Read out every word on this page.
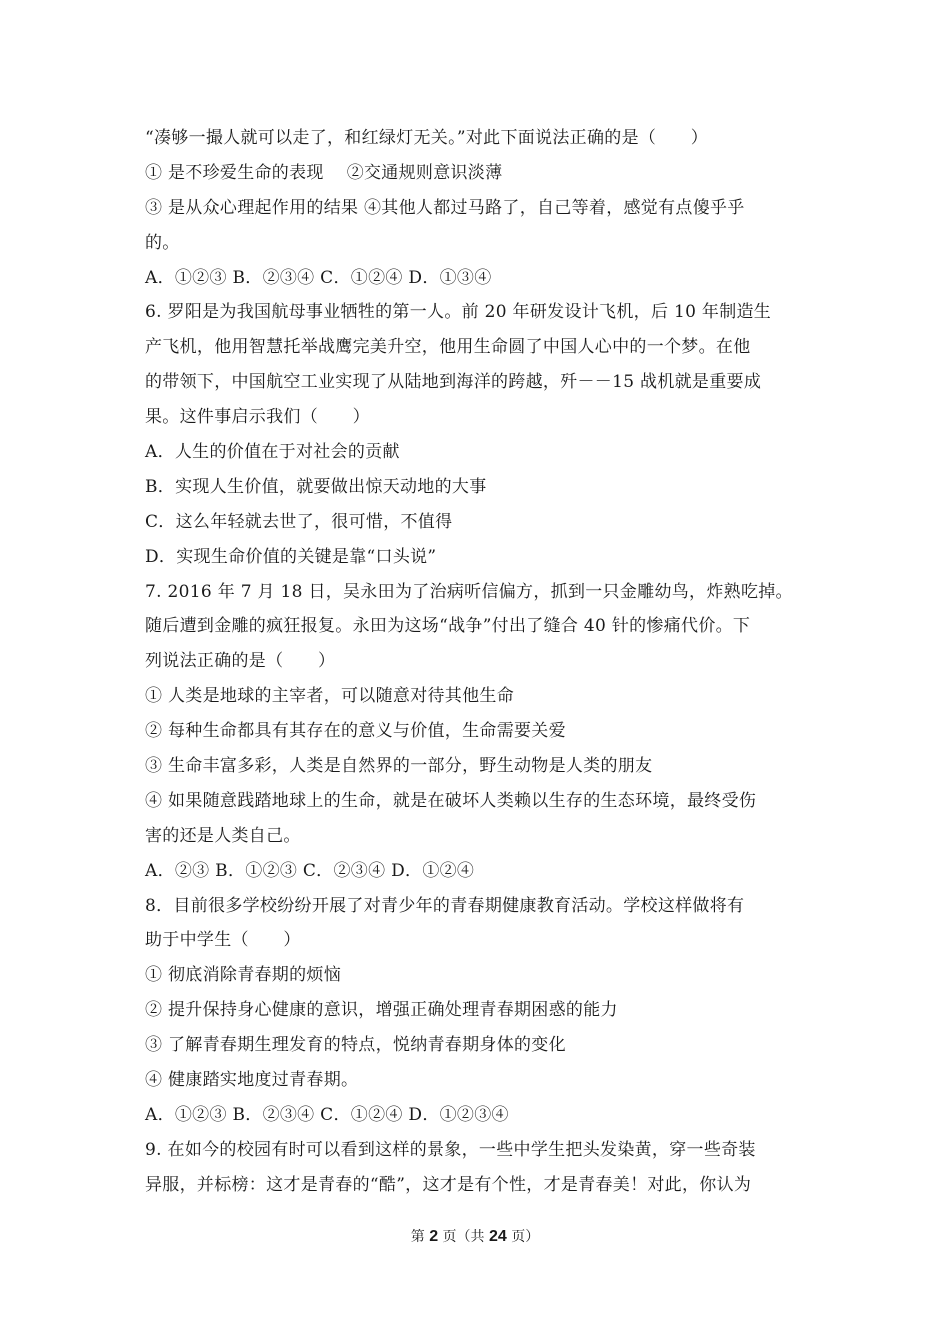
“凑够一撮人就可以走了，和红绿灯无关。”对此下面说法正确的是（　　）
① 是不珍爱生命的表现　 ②交通规则意识淡薄
③ 是从众心理起作用的结果 ④其他人都过马路了，自己等着，感觉有点傻乎乎
的。
A．①②③ B．②③④ C．①②④ D．①③④
6. 罗阳是为我国航母事业牺牲的第一人。前 20 年研发设计飞机，后 10 年制造生
产飞机，他用智慧托举战鹰完美升空，他用生命圆了中国人心中的一个梦。在他
的带领下，中国航空工业实现了从陆地到海洋的跨越，歼－－15 战机就是重要成
果。这件事启示我们（　　）
A．人生的价值在于对社会的贡献
B．实现人生价值，就要做出惊天动地的大事
C．这么年轻就去世了，很可惜，不值得
D．实现生命价值的关键是靠“口头说”
7. 2016 年 7 月 18 日，吴永田为了治病听信偏方，抓到一只金雕幼鸟，炸熟吃掉。
随后遭到金雕的疯狂报复。永田为这场“战争”付出了缝合 40 针的惨痛代价。下
列说法正确的是（　　）
① 人类是地球的主宰者，可以随意对待其他生命
② 每种生命都具有其存在的意义与价值，生命需要关爱
③ 生命丰富多彩，人类是自然界的一部分，野生动物是人类的朋友
④ 如果随意践踏地球上的生命，就是在破坏人类赖以生存的生态环境，最终受伤
害的还是人类自己。
A．②③ B．①②③ C．②③④ D．①②④
8．目前很多学校纷纷开展了对青少年的青春期健康教育活动。学校这样做将有
助于中学生（　　）
① 彻底消除青春期的烦恼
② 提升保持身心健康的意识，增强正确处理青春期困惑的能力
③ 了解青春期生理发育的特点，悦纳青春期身体的变化
④ 健康踏实地度过青春期。
A．①②③ B．②③④ C．①②④ D．①②③④
9. 在如今的校园有时可以看到这样的景象，一些中学生把头发染黄，穿一些奇装
异服，并标榜：这才是青春的“酷”，这才是有个性，才是青春美！对此，你认为
第 2 页（共 24 页）
